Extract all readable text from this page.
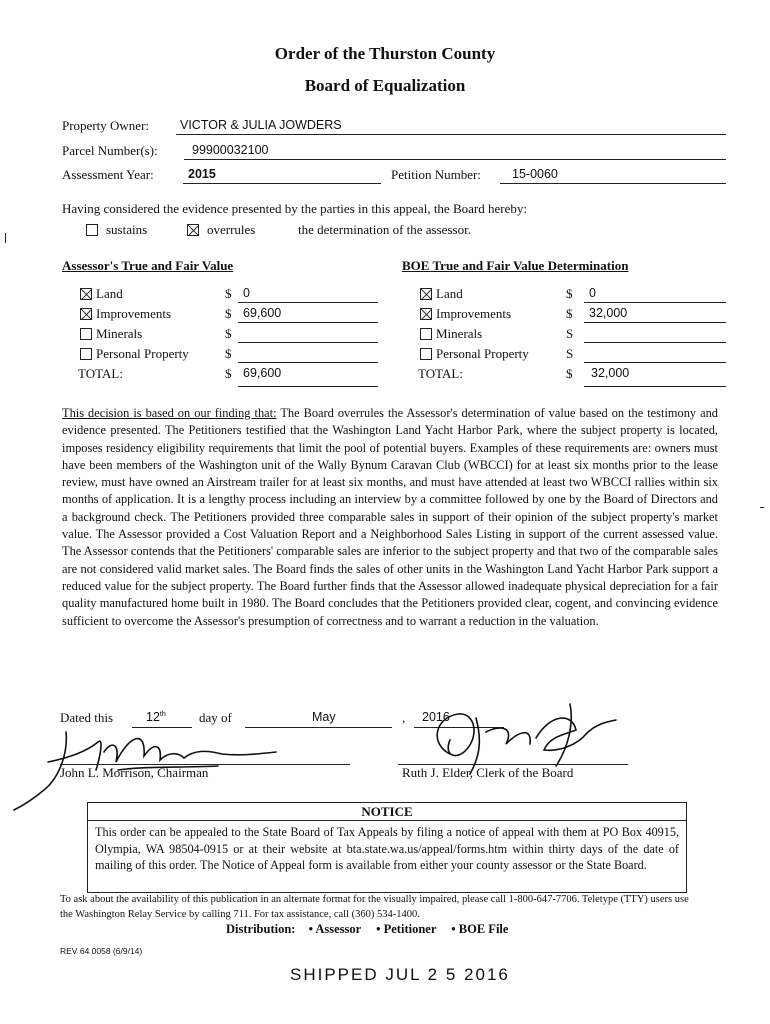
Order of the Thurston County
Board of Equalization
Property Owner: VICTOR & JULIA JOWDERS
Parcel Number(s):	99900032100
Assessment Year:	2015	Petition Number: 15-0060
Having considered the evidence presented by the parties in this appeal, the Board hereby:
sustains	overrules	the determination of the assessor.
Assessor's True and Fair Value
Land	$ 0
Improvements	$ 69,600
Minerals	$
Personal Property	$
TOTAL:	$ 69,600
BOE True and Fair Value Determination
Land	$ 0
Improvements	$ 32,000
Minerals	S
Personal Property	S
TOTAL:	$ 32,000
This decision is based on our finding that: The Board overrules the Assessor's determination of value based on the testimony and evidence presented. The Petitioners testified that the Washington Land Yacht Harbor Park, where the subject property is located, imposes residency eligibility requirements that limit the pool of potential buyers. Examples of these requirements are: owners must have been members of the Washington unit of the Wally Bynum Caravan Club (WBCCI) for at least six months prior to the lease review, must have owned an Airstream trailer for at least six months, and must have attended at least two WBCCI rallies within six months of application. It is a lengthy process including an interview by a committee followed by one by the Board of Directors and a background check. The Petitioners provided three comparable sales in support of their opinion of the subject property's market value. The Assessor provided a Cost Valuation Report and a Neighborhood Sales Listing in support of the current assessed value. The Assessor contends that the Petitioners' comparable sales are inferior to the subject property and that two of the comparable sales are not considered valid market sales. The Board finds the sales of other units in the Washington Land Yacht Harbor Park support a reduced value for the subject property. The Board further finds that the Assessor allowed inadequate physical depreciation for a fair quality manufactured home built in 1980. The Board concludes that the Petitioners provided clear, cogent, and convincing evidence sufficient to overcome the Assessor's presumption of correctness and to warrant a reduction in the valuation.
Dated this	12th	day of	May	, 2016
John L. Morrison, Chairman	Ruth J. Elder, Clerk of the Board
NOTICE
This order can be appealed to the State Board of Tax Appeals by filing a notice of appeal with them at PO Box 40915, Olympia, WA 98504-0915 or at their website at bta.state.wa.us/appeal/forms.htm within thirty days of the date of mailing of this order. The Notice of Appeal form is available from either your county assessor or the State Board.
To ask about the availability of this publication in an alternate format for the visually impaired, please call 1-800-647-7706. Teletype (TTY) users use the Washington Relay Service by calling 711. For tax assistance, call (360) 534-1400.
Distribution: • Assessor • Petitioner • BOE File
REV 64 0058 (6/9/14)
SHIPPED JUL 2 5 2016
